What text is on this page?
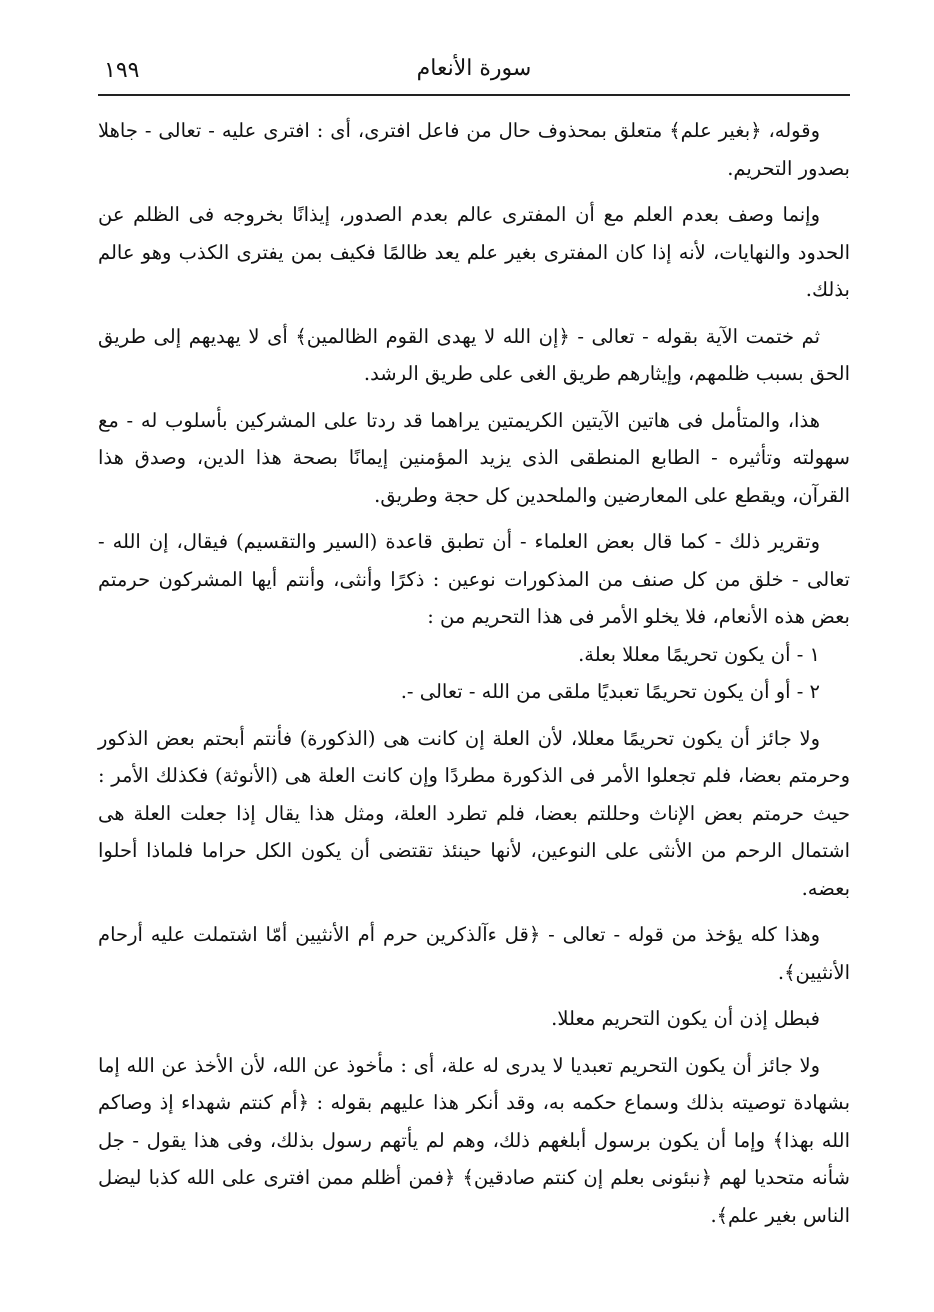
سورة الأنعام
١٩٩

وقوله، ﴿بغير علم﴾ متعلق بمحذوف حال من فاعل افترى، أى : افترى عليه - تعالى - جاهلا بصدور التحريم.

وإنما وصف بعدم العلم مع أن المفترى عالم بعدم الصدور، إيذانًا بخروجه فى الظلم عن الحدود والنهايات، لأنه إذا كان المفترى بغير علم يعد ظالمًا فكيف بمن يفترى الكذب وهو عالم بذلك.

ثم ختمت الآية بقوله - تعالى - ﴿إن الله لا يهدى القوم الظالمين﴾ أى لا يهديهم إلى طريق الحق بسبب ظلمهم، وإيثارهم طريق الغى على طريق الرشد.

هذا، والمتأمل فى هاتين الآيتين الكريمتين يراهما قد ردتا على المشركين بأسلوب له - مع سهولته وتأثيره - الطابع المنطقى الذى يزيد المؤمنين إيمانًا بصحة هذا الدين، وصدق هذا القرآن، ويقطع على المعارضين والملحدين كل حجة وطريق.

وتقرير ذلك - كما قال بعض العلماء - أن تطبق قاعدة (السير والتقسيم) فيقال، إن الله - تعالى - خلق من كل صنف من المذكورات نوعين : ذكرًا وأنثى، وأنتم أيها المشركون حرمتم بعض هذه الأنعام، فلا يخلو الأمر فى هذا التحريم من :

١ - أن يكون تحريمًا معللا بعلة.

٢ - أو أن يكون تحريمًا تعبديًا ملقى من الله - تعالى -.

ولا جائز أن يكون تحريمًا معللا، لأن العلة إن كانت هى (الذكورة) فأنتم أبحتم بعض الذكور وحرمتم بعضا، فلم تجعلوا الأمر فى الذكورة مطردًا وإن كانت العلة هى (الأنوثة) فكذلك الأمر : حيث حرمتم بعض الإناث وحللتم بعضا، فلم تطرد العلة، ومثل هذا يقال إذا جعلت العلة هى اشتمال الرحم من الأنثى على النوعين، لأنها حينئذ تقتضى أن يكون الكل حراما فلماذا أحلوا بعضه.

وهذا كله يؤخذ من قوله - تعالى - ﴿قل ءآلذكرين حرم أم الأنثيين أمّا اشتملت عليه أرحام الأنثيين﴾.

فبطل إذن أن يكون التحريم معللا.

ولا جائز أن يكون التحريم تعبديا لا يدرى له علة، أى : مأخوذ عن الله، لأن الأخذ عن الله إما بشهادة توصيته بذلك وسماع حكمه به، وقد أنكر هذا عليهم بقوله : ﴿أم كنتم شهداء إذ وصاكم الله بهذا﴾ وإما أن يكون برسول أبلغهم ذلك، وهم لم يأتهم رسول بذلك، وفى هذا يقول - جل شأنه متحديا لهم ﴿نبئونى بعلم إن كنتم صادقين﴾ ﴿فمن أظلم ممن افترى على الله كذبا ليضل الناس بغير علم﴾.
